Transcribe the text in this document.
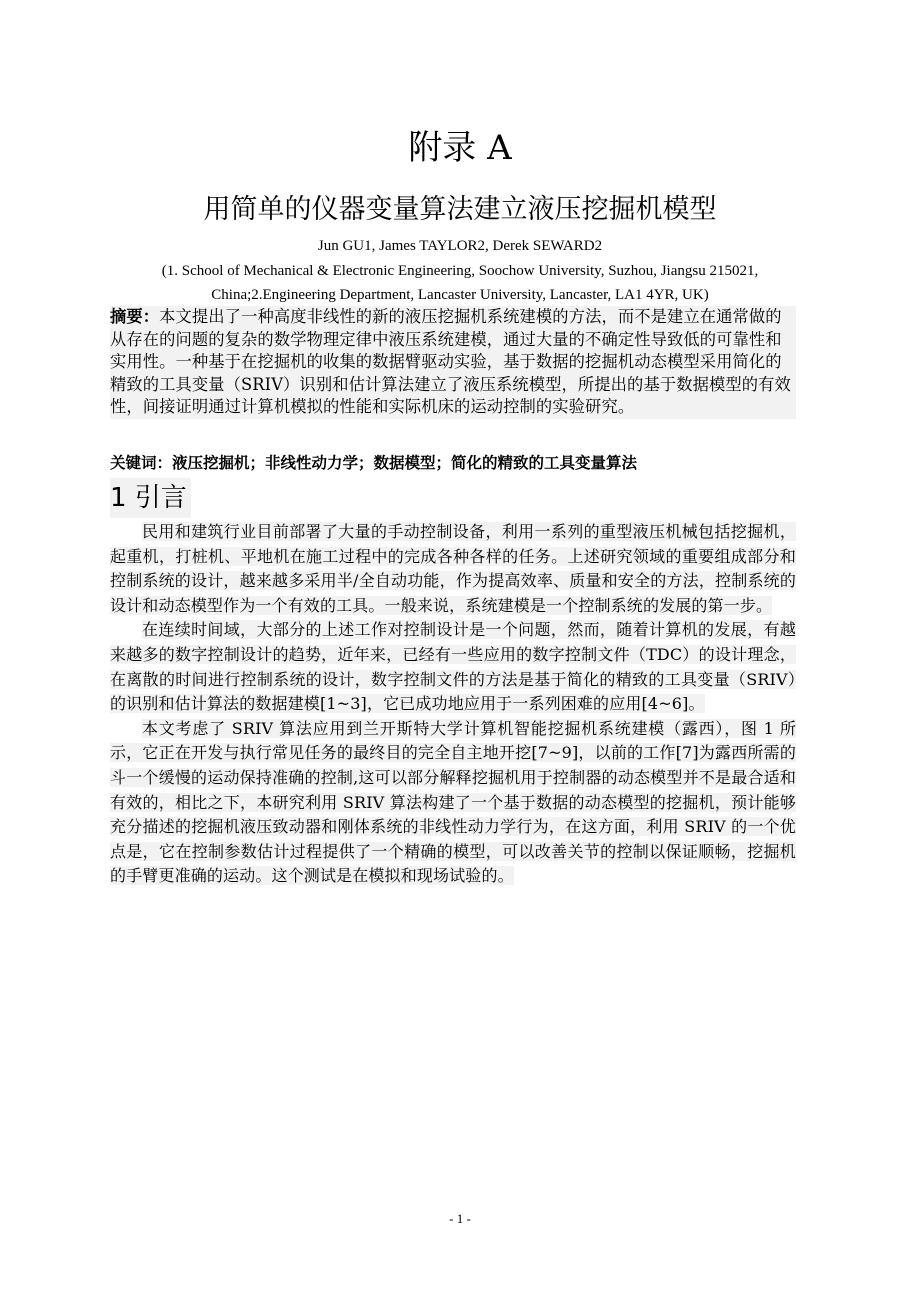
附录 A
用简单的仪器变量算法建立液压挖掘机模型
Jun GU1, James TAYLOR2, Derek SEWARD2
(1. School of Mechanical & Electronic Engineering, Soochow University, Suzhou, Jiangsu 215021, China;2.Engineering Department, Lancaster University, Lancaster, LA1 4YR, UK)
摘要：本文提出了一种高度非线性的新的液压挖掘机系统建模的方法，而不是建立在通常做的从存在的问题的复杂的数学物理定律中液压系统建模，通过大量的不确定性导致低的可靠性和实用性。一种基于在挖掘机的收集的数据臂驱动实验，基于数据的挖掘机动态模型采用简化的精致的工具变量（SRIV）识别和估计算法建立了液压系统模型，所提出的基于数据模型的有效性，间接证明通过计算机模拟的性能和实际机床的运动控制的实验研究。
关键词：液压挖掘机；非线性动力学；数据模型；简化的精致的工具变量算法
1 引言

民用和建筑行业目前部署了大量的手动控制设备，利用一系列的重型液压机械包括挖掘机，起重机，打桩机、平地机在施工过程中的完成各种各样的任务。上述研究领域的重要组成部分和控制系统的设计，越来越多采用半/全自动功能，作为提高效率、质量和安全的方法，控制系统的设计和动态模型作为一个有效的工具。一般来说，系统建模是一个控制系统的发展的第一步。

在连续时间域，大部分的上述工作对控制设计是一个问题，然而，随着计算机的发展，有越来越多的数字控制设计的趋势，近年来，已经有一些应用的数字控制文件（TDC）的设计理念，在离散的时间进行控制系统的设计，数字控制文件的方法是基于简化的精致的工具变量（SRIV）的识别和估计算法的数据建模[1~3]，它已成功地应用于一系列困难的应用[4~6]。

本文考虑了 SRIV 算法应用到兰开斯特大学计算机智能挖掘机系统建模（露西），图 1 所示，它正在开发与执行常见任务的最终目的完全自主地开挖[7~9]，以前的工作[7]为露西所需的斗一个缓慢的运动保持准确的控制,这可以部分解释挖掘机用于控制器的动态模型并不是最合适和有效的，相比之下，本研究利用 SRIV 算法构建了一个基于数据的动态模型的挖掘机，预计能够充分描述的挖掘机液压致动器和刚体系统的非线性动力学行为，在这方面，利用 SRIV 的一个优点是，它在控制参数估计过程提供了一个精确的模型，可以改善关节的控制以保证顺畅，挖掘机的手臂更准确的运动。这个测试是在模拟和现场试验的。

- 1 -
